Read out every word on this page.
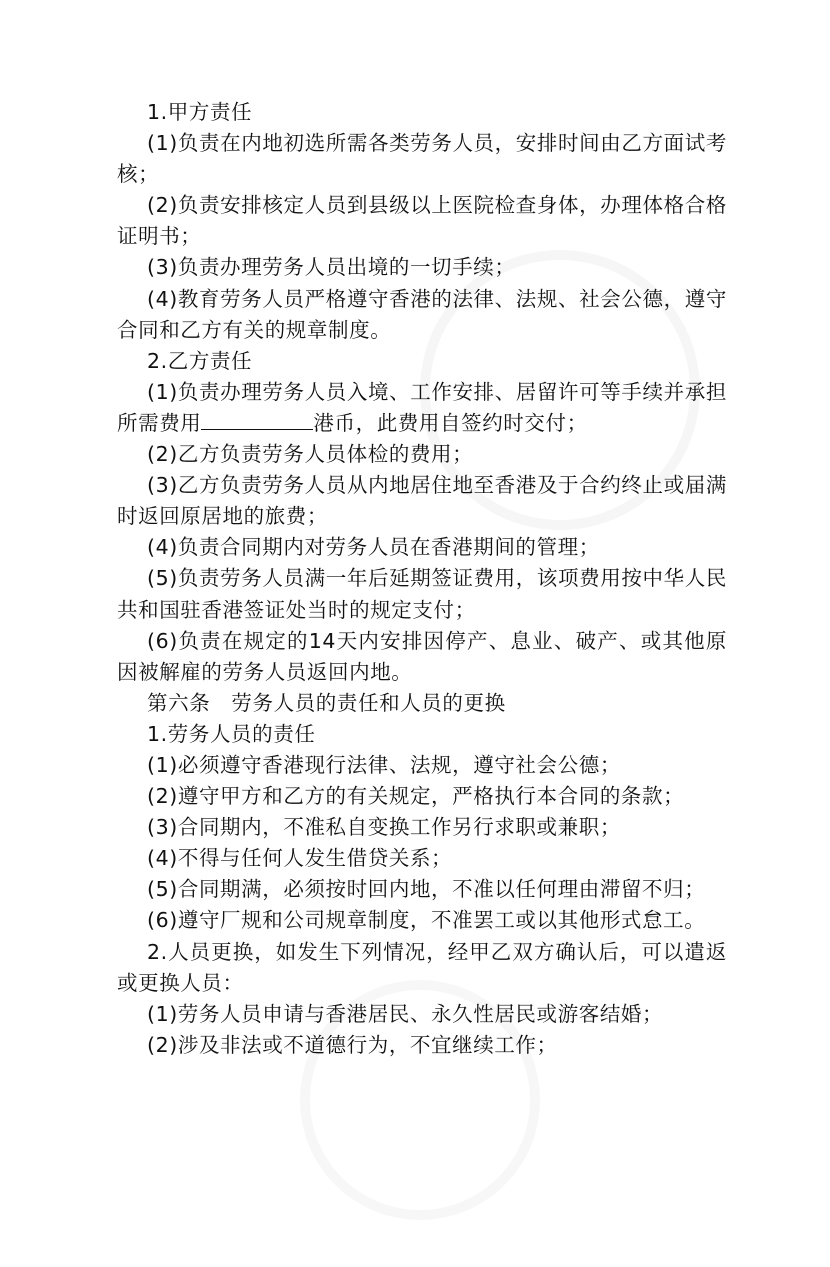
1.甲方责任

(1)负责在内地初选所需各类劳务人员，安排时间由乙方面试考核；

(2)负责安排核定人员到县级以上医院检查身体，办理体格合格证明书；

(3)负责办理劳务人员出境的一切手续；

(4)教育劳务人员严格遵守香港的法律、法规、社会公德，遵守合同和乙方有关的规章制度。

2.乙方责任

(1)负责办理劳务人员入境、工作安排、居留许可等手续并承担所需费用	港币，此费用自签约时交付；

(2)乙方负责劳务人员体检的费用；

(3)乙方负责劳务人员从内地居住地至香港及于合约终止或届满时返回原居地的旅费；

(4)负责合同期内对劳务人员在香港期间的管理；

(5)负责劳务人员满一年后延期签证费用，该项费用按中华人民共和国驻香港签证处当时的规定支付；

(6)负责在规定的14天内安排因停产、息业、破产、或其他原因被解雇的劳务人员返回内地。

第六条　劳务人员的责任和人员的更换

1.劳务人员的责任

(1)必须遵守香港现行法律、法规，遵守社会公德；

(2)遵守甲方和乙方的有关规定，严格执行本合同的条款；

(3)合同期内，不准私自变换工作另行求职或兼职；

(4)不得与任何人发生借贷关系；

(5)合同期满，必须按时回内地，不准以任何理由滞留不归；

(6)遵守厂规和公司规章制度，不准罢工或以其他形式怠工。

2.人员更换，如发生下列情况，经甲乙双方确认后，可以遣返或更换人员：

(1)劳务人员申请与香港居民、永久性居民或游客结婚；

(2)涉及非法或不道德行为，不宜继续工作；
